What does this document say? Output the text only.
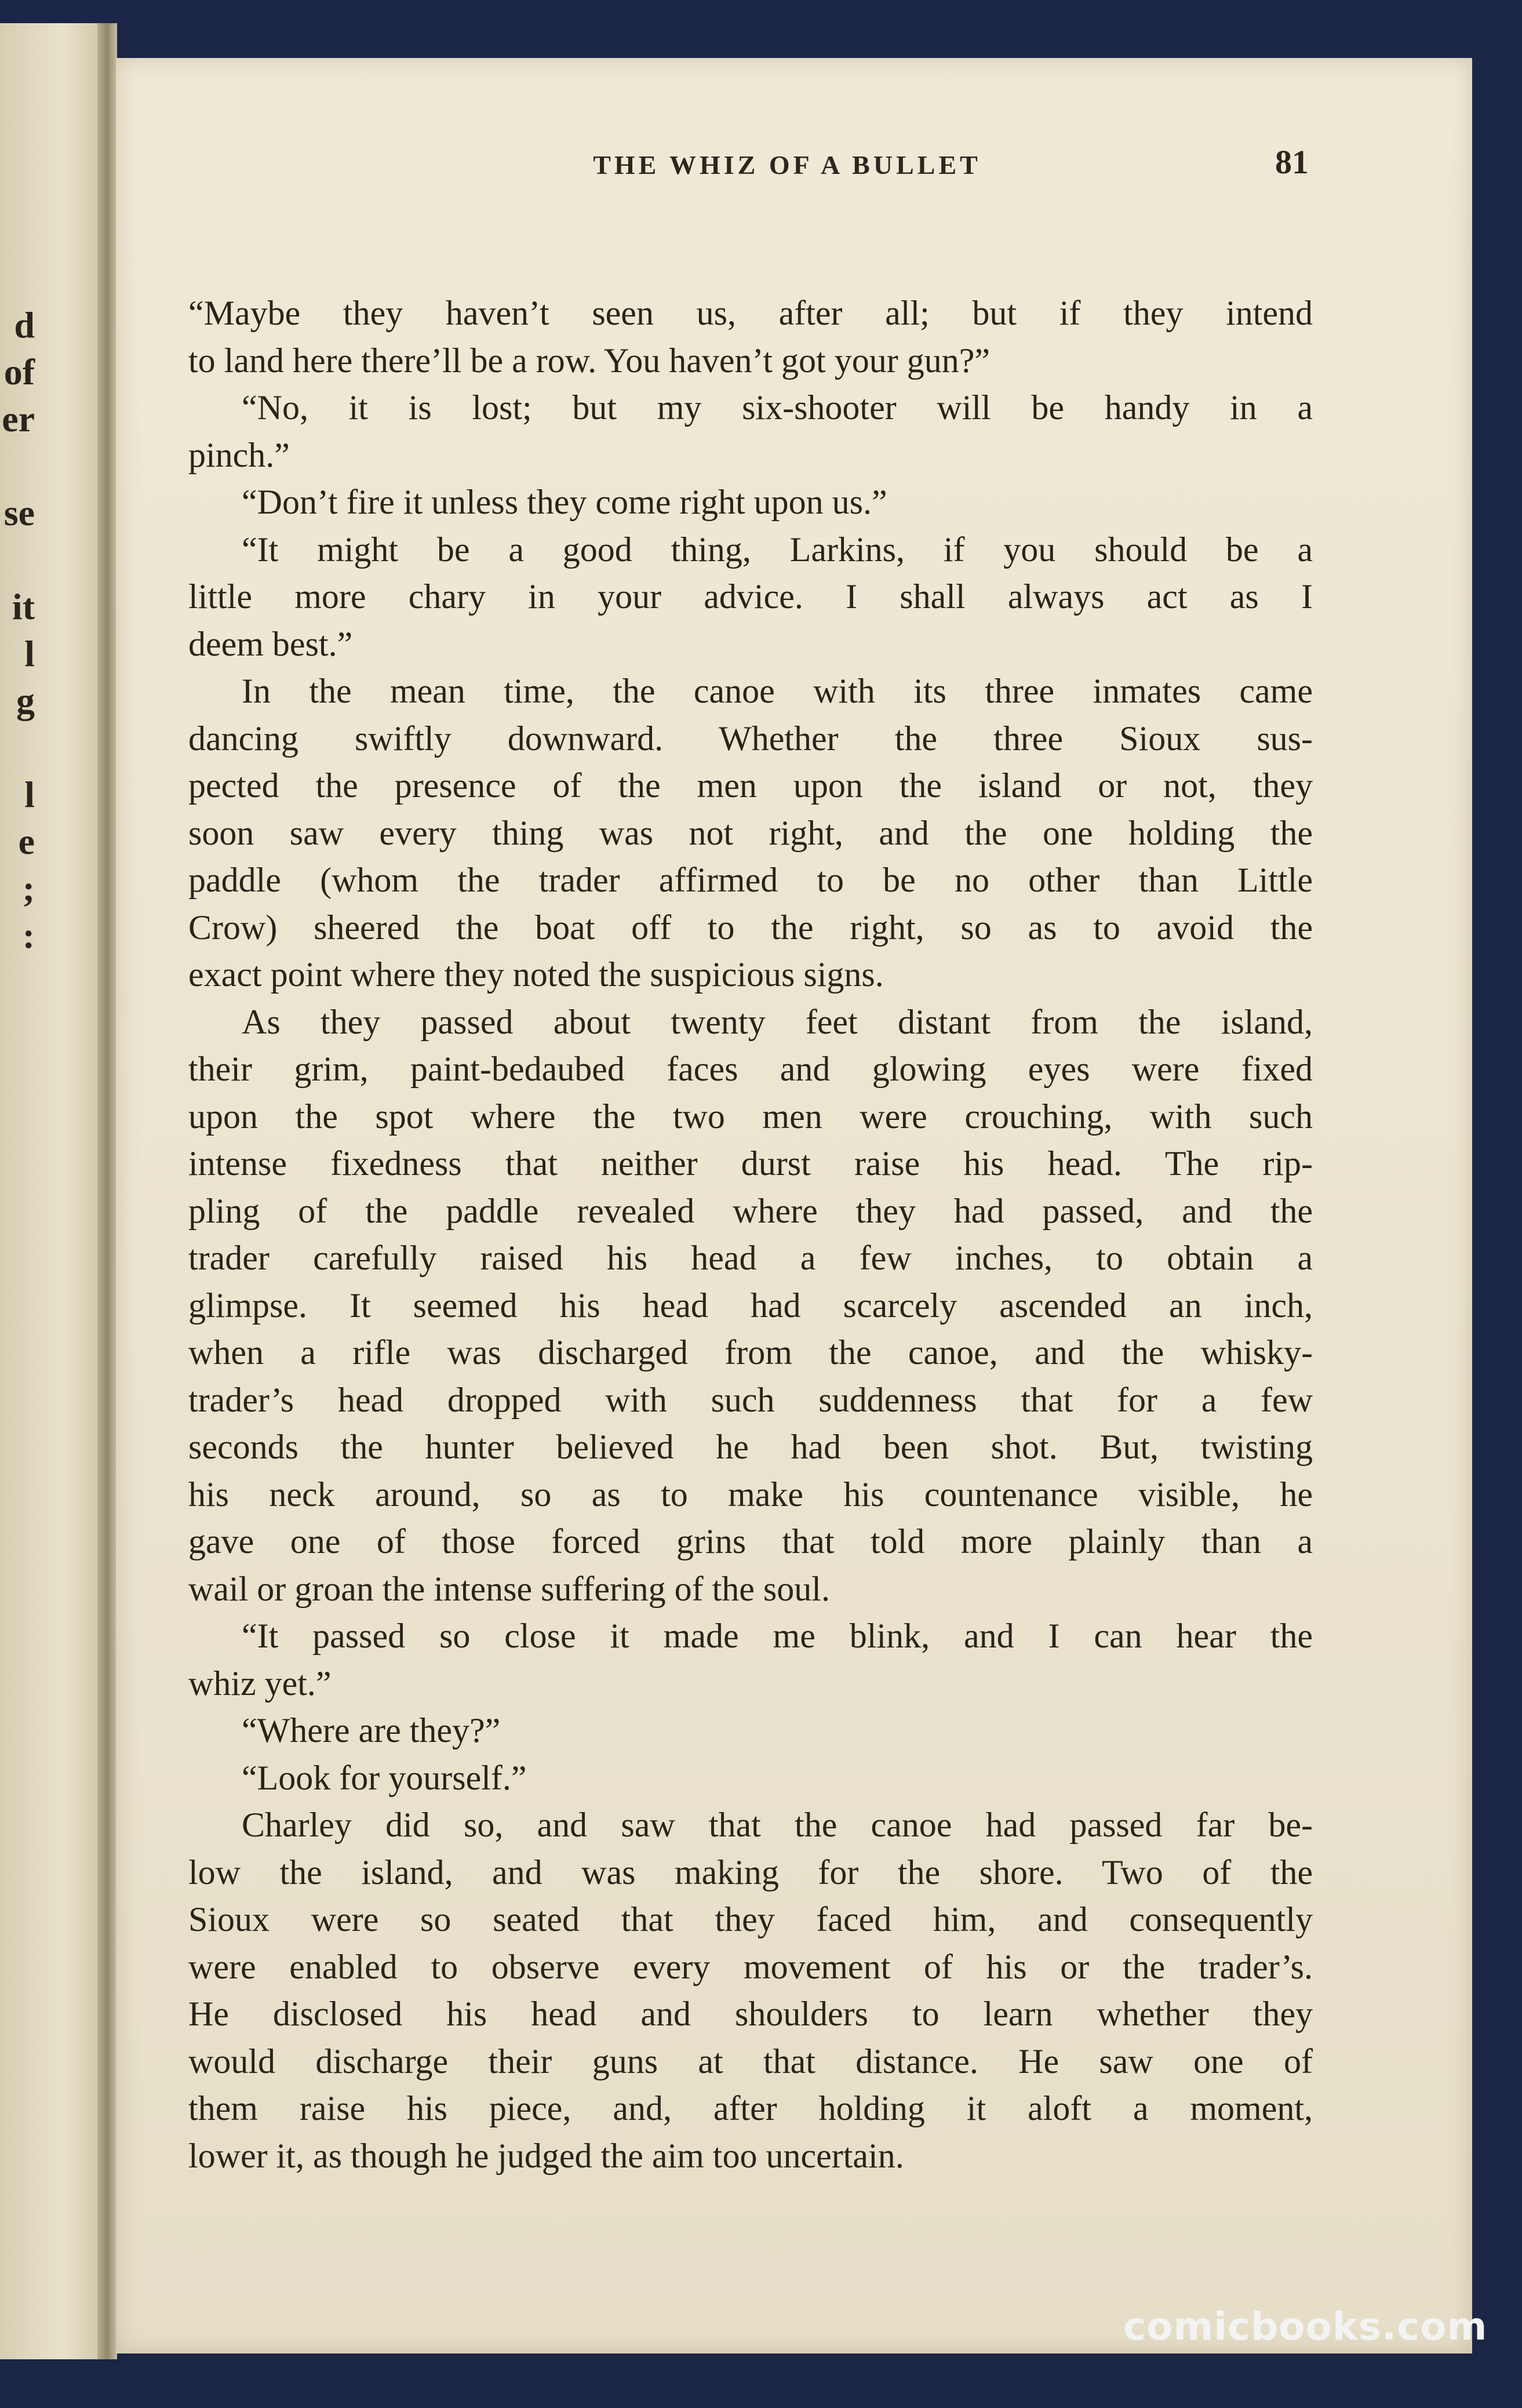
d
of
er
se
it
l
g
l
e
;
:
THE WHIZ OF A BULLET	81
“Maybe they haven’t seen us, after all; but if they intend
to land here there’ll be a row. You haven’t got your gun?”
“No, it is lost; but my six-shooter will be handy in a
pinch.”
“Don’t fire it unless they come right upon us.”
“It might be a good thing, Larkins, if you should be a
little more chary in your advice. I shall always act as I
deem best.”
In the mean time, the canoe with its three inmates came
dancing swiftly downward. Whether the three Sioux sus-
pected the presence of the men upon the island or not, they
soon saw every thing was not right, and the one holding the
paddle (whom the trader affirmed to be no other than Little
Crow) sheered the boat off to the right, so as to avoid the
exact point where they noted the suspicious signs.
As they passed about twenty feet distant from the island,
their grim, paint-bedaubed faces and glowing eyes were fixed
upon the spot where the two men were crouching, with such
intense fixedness that neither durst raise his head. The rip-
pling of the paddle revealed where they had passed, and the
trader carefully raised his head a few inches, to obtain a
glimpse. It seemed his head had scarcely ascended an inch,
when a rifle was discharged from the canoe, and the whisky-
trader’s head dropped with such suddenness that for a few
seconds the hunter believed he had been shot. But, twisting
his neck around, so as to make his countenance visible, he
gave one of those forced grins that told more plainly than a
wail or groan the intense suffering of the soul.
“It passed so close it made me blink, and I can hear the
whiz yet.”
“Where are they?”
“Look for yourself.”
Charley did so, and saw that the canoe had passed far be-
low the island, and was making for the shore. Two of the
Sioux were so seated that they faced him, and consequently
were enabled to observe every movement of his or the trader’s.
He disclosed his head and shoulders to learn whether they
would discharge their guns at that distance. He saw one of
them raise his piece, and, after holding it aloft a moment,
lower it, as though he judged the aim too uncertain.
comicbooks.com
